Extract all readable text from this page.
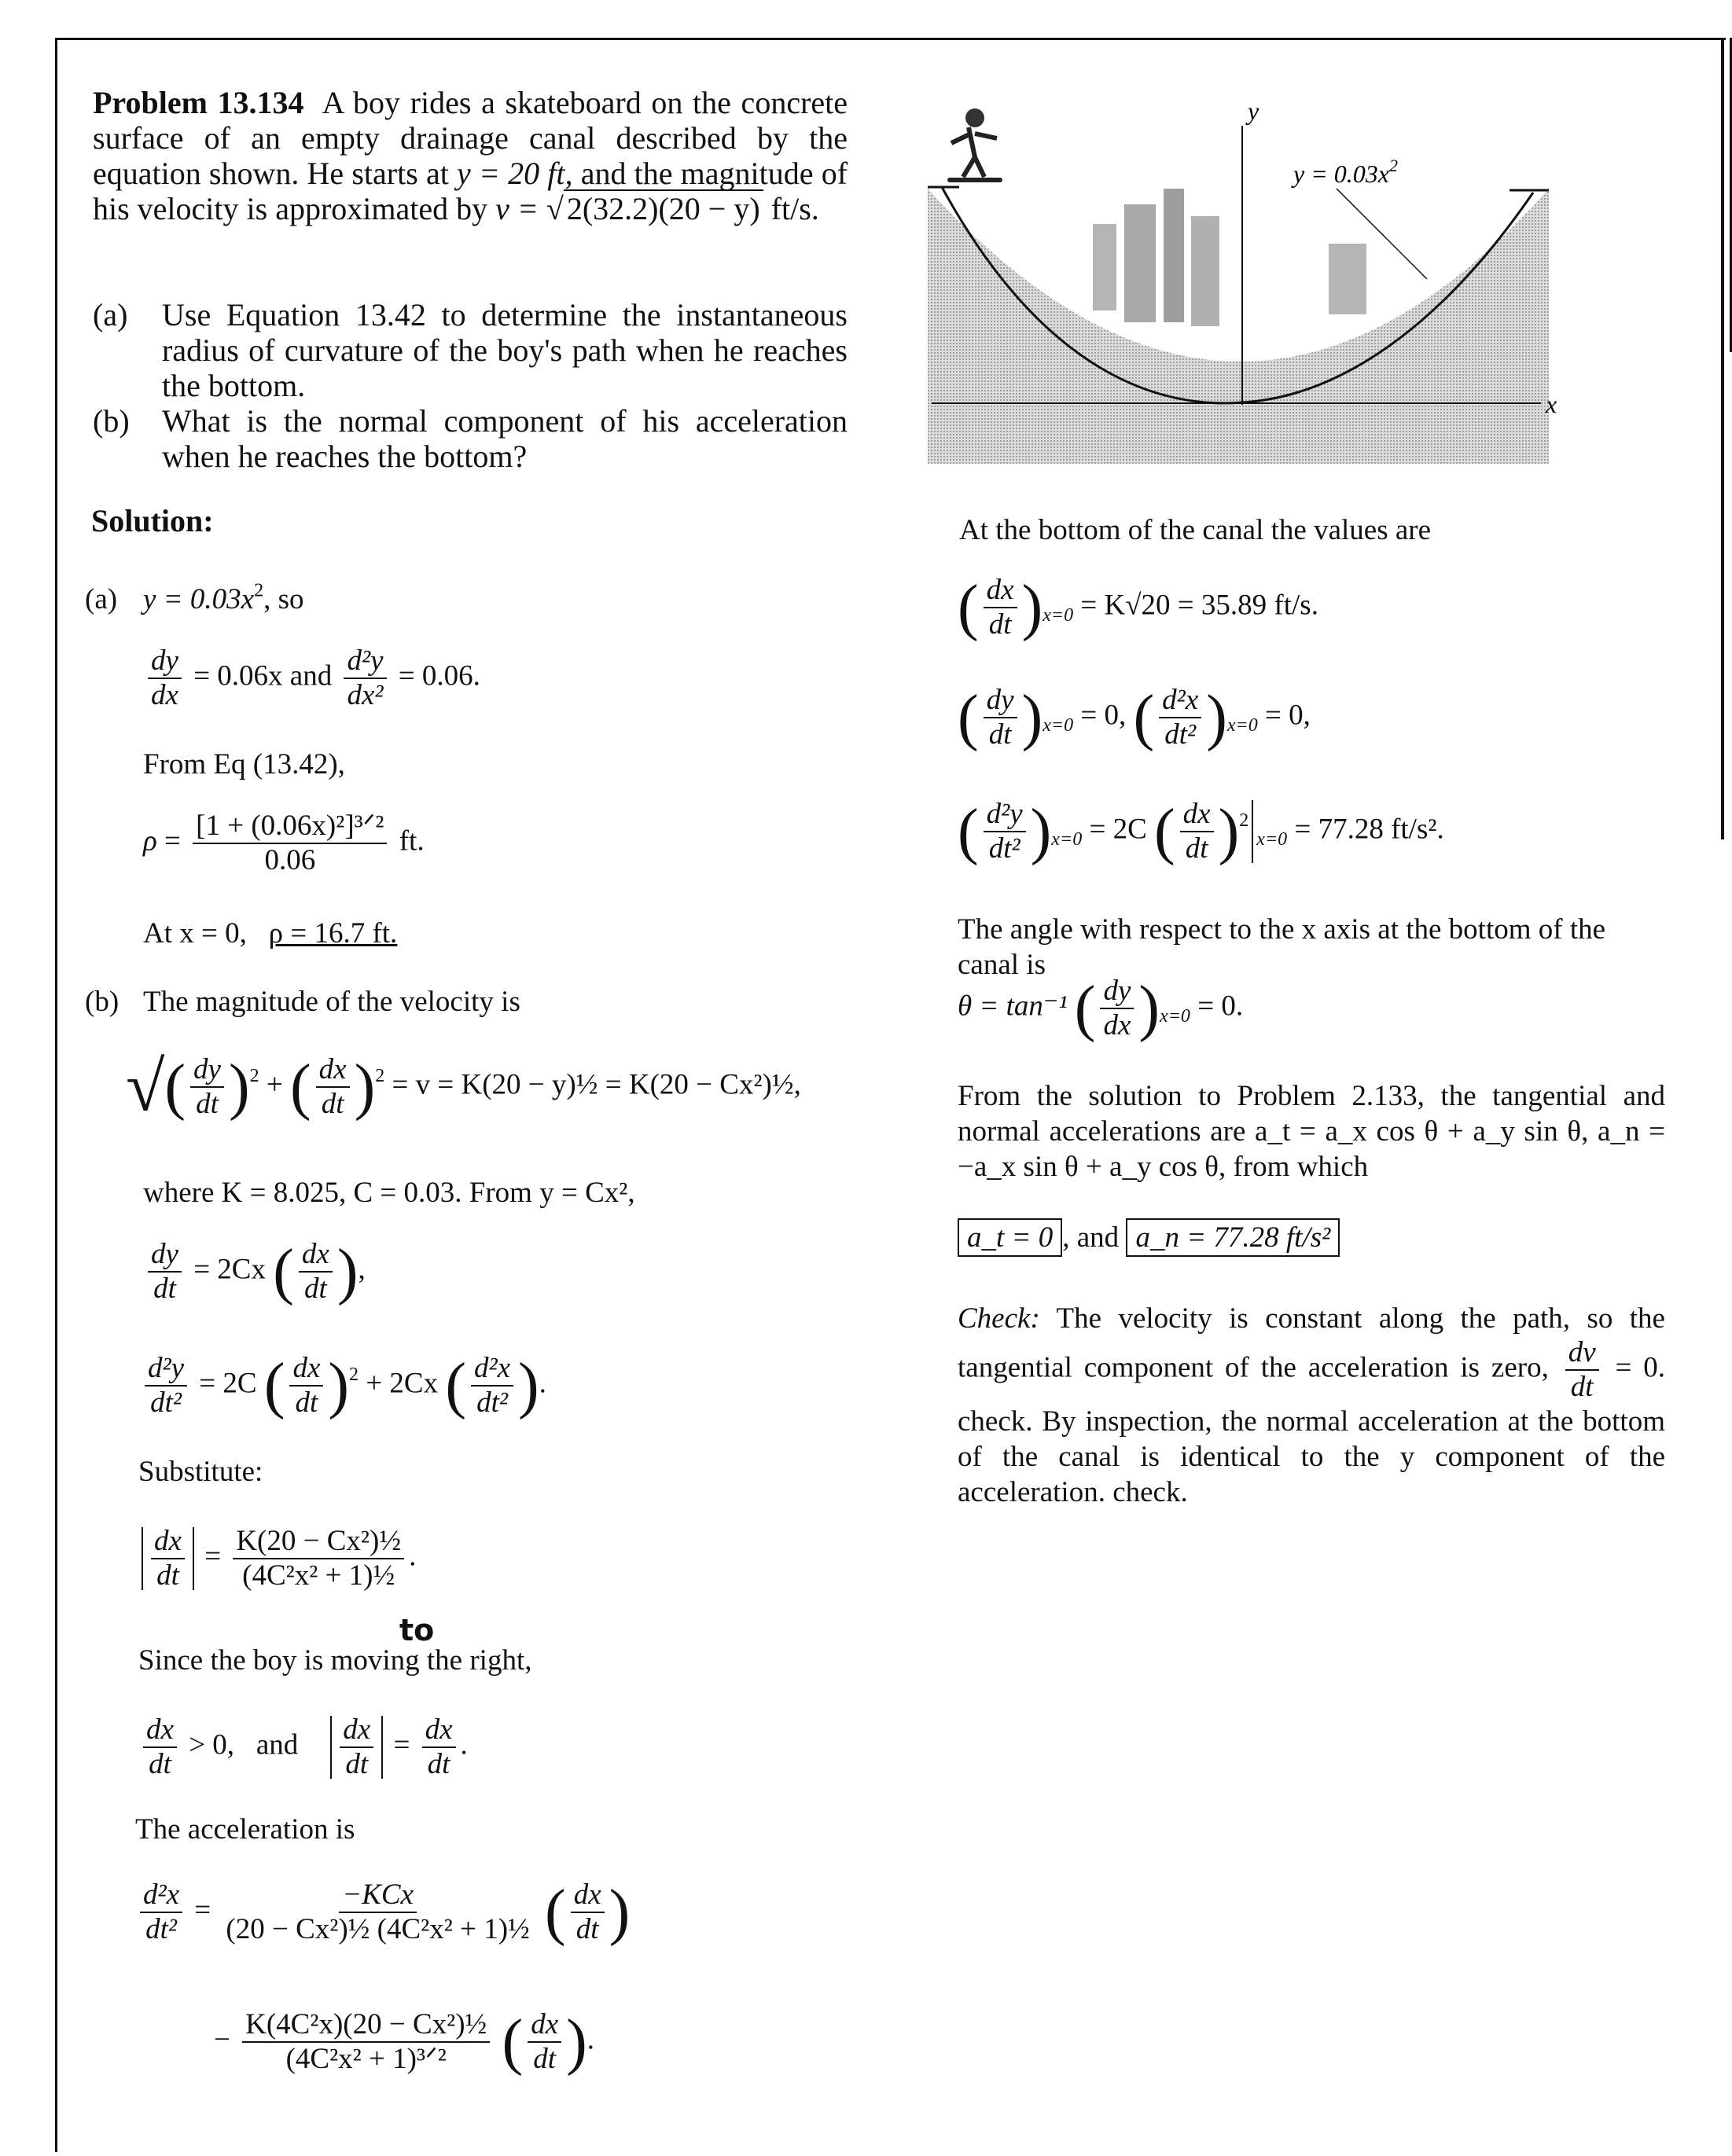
Problem 13.134 A boy rides a skateboard on the concrete surface of an empty drainage canal described by the equation shown. He starts at y = 20 ft, and the magnitude of his velocity is approximated by v = √ 2(32.2)(20 − y) ft/s.
(a)	Use Equation 13.42 to determine the instantaneous radius of curvature of the boy's path when he reaches the bottom.
(b)	What is the normal component of his acceleration when he reaches the bottom?
y
x
$y = 0.03x^2$
Solution:
(a) $y = 0.03x^2$, so
$\frac{dy}{dx} = 0.06x$ and $\frac{\text{d²y}}{\text{dx²}} = 0.06$.
From Eq (13.42),
$\rho = \frac{\text{[1 + (0.06x)²]³ᐟ²}}{0.06}$ ft.
At x = 0, ρ = 16.7 ft.
(b) The magnitude of the velocity is
√( $\frac{dy}{dt} )^2$ + ( $\frac{dx}{dt} )^2 = v = K(20$ − y)½ = K(20 − Cx²)½,
where K = 8.025, C = 0.03. From y = Cx²,
$\frac{dy}{dt} = 2Cx$ ( $\frac{dx}{dt}$ ),
$\frac{\text{d²y}}{\text{dt²}} = 2C$ ( $\frac{dx}{dt} )^2 + 2Cx$ ( $\frac{\text{d²x}}{\text{dt²}}$ ).
Substitute:
$\frac{dx}{dt} = \frac{\text{K(20 − Cx²)½}}{\text{(4C²x² + 1)½}}$ .
to
Since the boy is moving the right,
$\frac{dx}{dt} > 0$, and $\frac{dx}{dt} = \frac{dx}{dt}$ .
The acceleration is
$\frac{\text{d²x}}{\text{dt²}} = \frac{\text{−KCx}}{\text{(20 − Cx²)½ (4C²x² + 1)½}}$ ( $\frac{dx}{dt}$ )
− $\frac{\text{K(4C²x)(20 − Cx²)½}}{\text{(4C²x² + 1)³ᐟ²}}$ ( $\frac{dx}{dt}$ ).
At the bottom of the canal the values are
( $\frac{dx}{dt} )_{x=0} = K√20 = 35.89$ ft/s.
( $\frac{dy}{dt} )_{x=0} = 0$, ( $\frac{\text{d²x}}{\text{dt²}} )_{x=0} = 0$,
( $\frac{\text{d²y}}{\text{dt²}} )_{x=0} = 2C$ ( $\frac{dx}{dt} )^2_{x=0} = 77.28$ ft/s².
The angle with respect to the x axis at the bottom of the canal is
θ = tan⁻¹ ( $\frac{dy}{dx} )_{x=0} = 0$.
From the solution to Problem 2.133, the tangential and normal accelerations are a_t = a_x cos θ + a_y sin θ, a_n = −a_x sin θ + a_y cos θ, from which
a_t = 0 , and a_n = 77.28 ft/s²
Check: The velocity is constant along the path, so the tangential component of the acceleration is zero, $\frac{dv}{dt} = 0$. check. By inspection, the normal acceleration at the bottom of the canal is identical to the y component of the acceleration. check.
